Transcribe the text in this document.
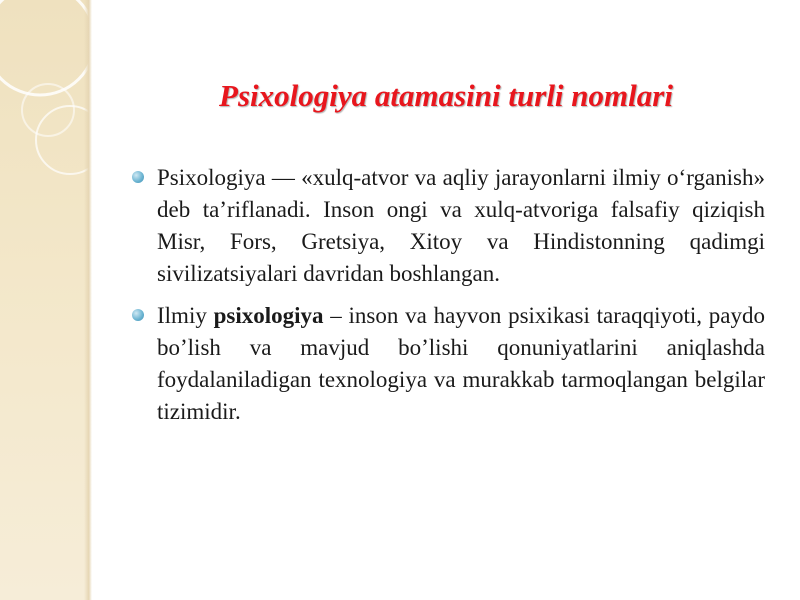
Psixologiya atamasini turli nomlari

Psixologiya — «xulq-atvor va aqliy jarayonlarni ilmiy o‘rganish» deb ta’riflanadi. Inson ongi va xulq-atvoriga falsafiy qiziqish Misr, Fors, Gretsiya, Xitoy va Hindistonning qadimgi sivilizatsiyalari davridan boshlangan.

Ilmiy psixologiya – inson va hayvon psixikasi taraqqiyoti, paydo bo’lish va mavjud bo’lishi qonuniyatlarini aniqlashda foydalaniladigan texnologiya va murakkab tarmoqlangan belgilar tizimidir.
